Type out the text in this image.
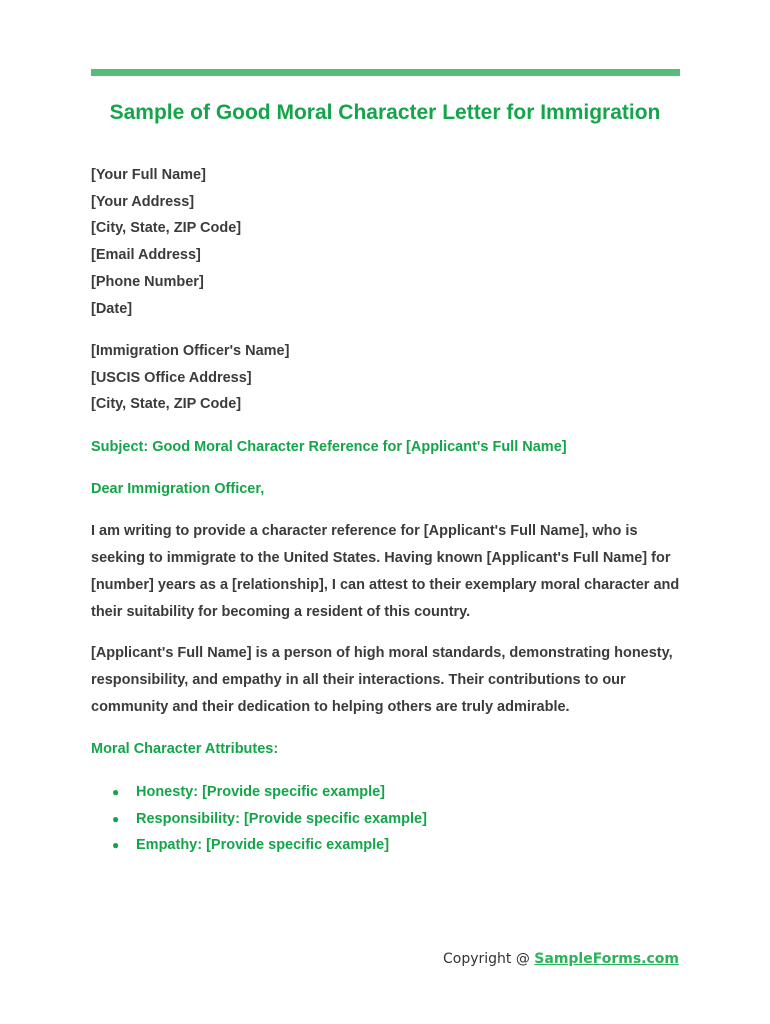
Sample of Good Moral Character Letter for Immigration
[Your Full Name]
[Your Address]
[City, State, ZIP Code]
[Email Address]
[Phone Number]
[Date]
[Immigration Officer's Name]
[USCIS Office Address]
[City, State, ZIP Code]
Subject: Good Moral Character Reference for [Applicant's Full Name]
Dear Immigration Officer,
I am writing to provide a character reference for [Applicant's Full Name], who is seeking to immigrate to the United States. Having known [Applicant's Full Name] for [number] years as a [relationship], I can attest to their exemplary moral character and their suitability for becoming a resident of this country.
[Applicant's Full Name] is a person of high moral standards, demonstrating honesty, responsibility, and empathy in all their interactions. Their contributions to our community and their dedication to helping others are truly admirable.
Moral Character Attributes:
● Honesty: [Provide specific example]
● Responsibility: [Provide specific example]
● Empathy: [Provide specific example]
Copyright @ SampleForms.com
